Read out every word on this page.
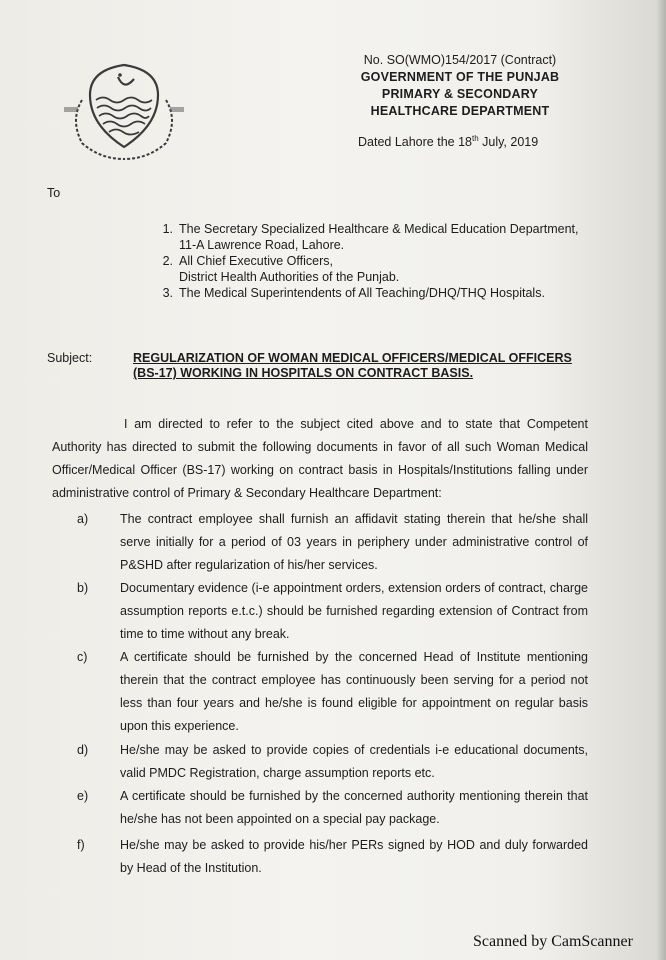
No. SO(WMO)154/2017 (Contract)
GOVERNMENT OF THE PUNJAB
PRIMARY & SECONDARY
HEALTHCARE DEPARTMENT
Dated Lahore the 18th July, 2019
To
1. The Secretary Specialized Healthcare & Medical Education Department,
11-A Lawrence Road, Lahore.
2. All Chief Executive Officers,
District Health Authorities of the Punjab.
3. The Medical Superintendents of All Teaching/DHQ/THQ Hospitals.
Subject:	REGULARIZATION OF WOMAN MEDICAL OFFICERS/MEDICAL OFFICERS (BS-17) WORKING IN HOSPITALS ON CONTRACT BASIS.
I am directed to refer to the subject cited above and to state that Competent Authority has directed to submit the following documents in favor of all such Woman Medical Officer/Medical Officer (BS-17) working on contract basis in Hospitals/Institutions falling under administrative control of Primary & Secondary Healthcare Department:
a)	The contract employee shall furnish an affidavit stating therein that he/she shall serve initially for a period of 03 years in periphery under administrative control of P&SHD after regularization of his/her services.
b)	Documentary evidence (i-e appointment orders, extension orders of contract, charge assumption reports e.t.c.) should be furnished regarding extension of Contract from time to time without any break.
c)	A certificate should be furnished by the concerned Head of Institute mentioning therein that the contract employee has continuously been serving for a period not less than four years and he/she is found eligible for appointment on regular basis upon this experience.
d)	He/she may be asked to provide copies of credentials i-e educational documents, valid PMDC Registration, charge assumption reports etc.
e)	A certificate should be furnished by the concerned authority mentioning therein that he/she has not been appointed on a special pay package.
f)	He/she may be asked to provide his/her PERs signed by HOD and duly forwarded by Head of the Institution.
Scanned by CamScanner
